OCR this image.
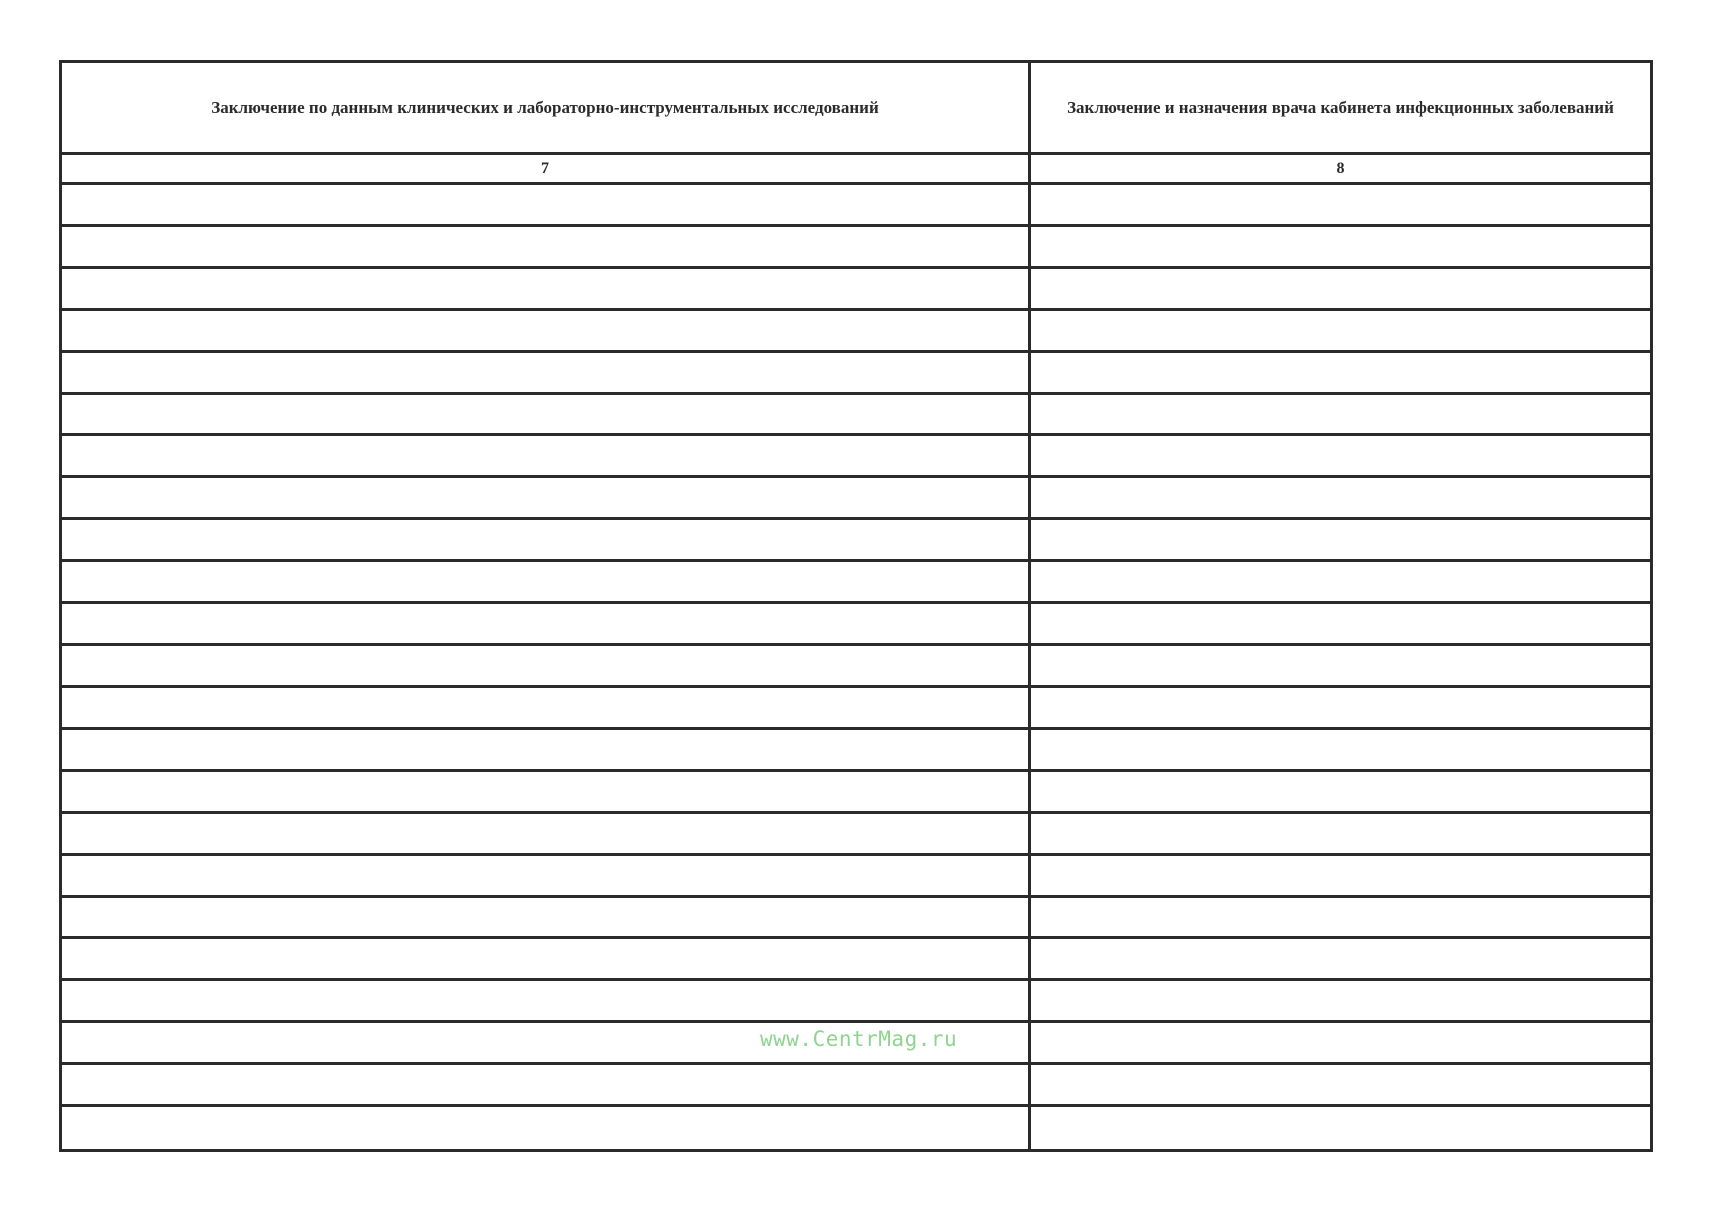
Заключение по данным клинических и лабораторно-инструментальных исследований	Заключение и назначения врача кабинета инфекционных заболеваний
7	8
www.CentrMag.ru
